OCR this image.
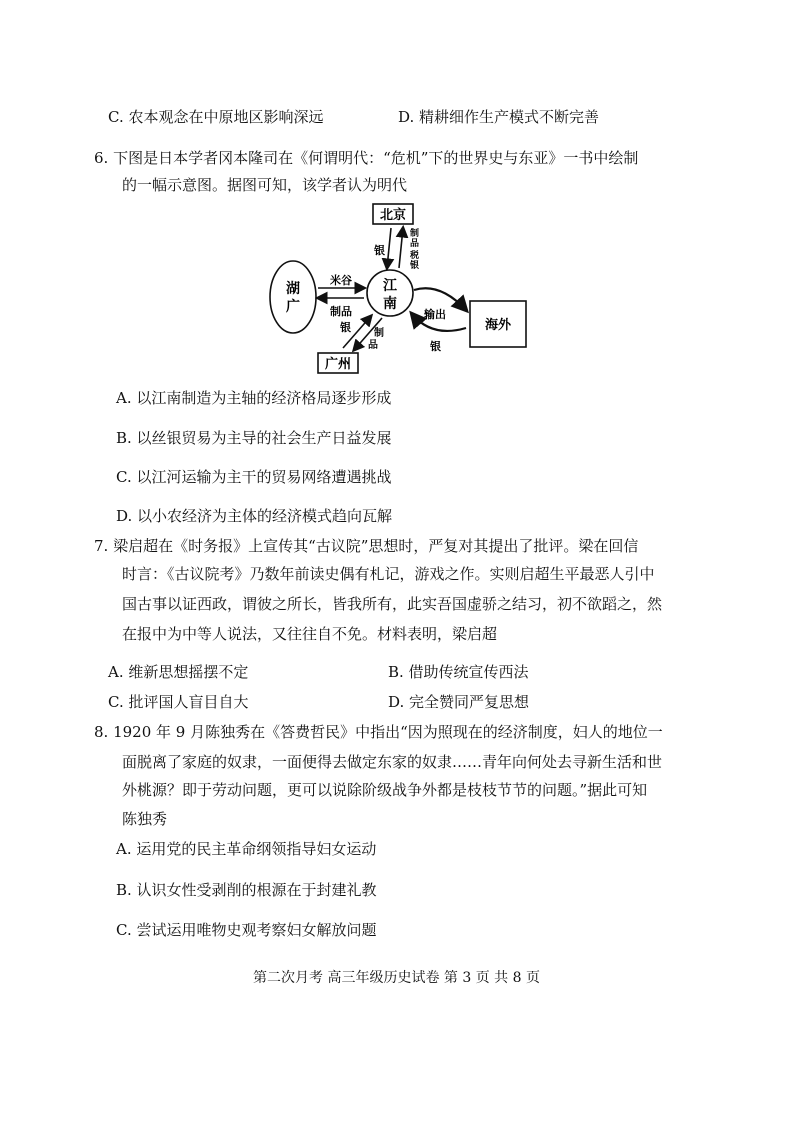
C. 农本观念在中原地区影响深远	D. 精耕细作生产模式不断完善
6. 下图是日本学者冈本隆司在《何谓明代：“危机”下的世界史与东亚》一书中绘制
的一幅示意图。据图可知，该学者认为明代
北京
江
南
湖
广
广州
海外
银
制
品
税
银
米谷
制品
银 制
品
输出
银
A. 以江南制造为主轴的经济格局逐步形成
B. 以丝银贸易为主导的社会生产日益发展
C. 以江河运输为主干的贸易网络遭遇挑战
D. 以小农经济为主体的经济模式趋向瓦解
7. 梁启超在《时务报》上宣传其“古议院”思想时，严复对其提出了批评。梁在回信
时言：《古议院考》乃数年前读史偶有札记，游戏之作。实则启超生平最恶人引中
国古事以证西政，谓彼之所长，皆我所有，此实吾国虚骄之结习，初不欲蹈之，然
在报中为中等人说法，又往往自不免。材料表明，梁启超
A. 维新思想摇摆不定	B. 借助传统宣传西法
C. 批评国人盲目自大	D. 完全赞同严复思想
8. 1920 年 9 月陈独秀在《答费哲民》中指出“因为照现在的经济制度，妇人的地位一
面脱离了家庭的奴隶，一面便得去做定东家的奴隶……青年向何处去寻新生活和世
外桃源？即于劳动问题，更可以说除阶级战争外都是枝枝节节的问题。”据此可知
陈独秀
A. 运用党的民主革命纲领指导妇女运动
B. 认识女性受剥削的根源在于封建礼教
C. 尝试运用唯物史观考察妇女解放问题
第二次月考 高三年级历史试卷 第 3 页 共 8 页
